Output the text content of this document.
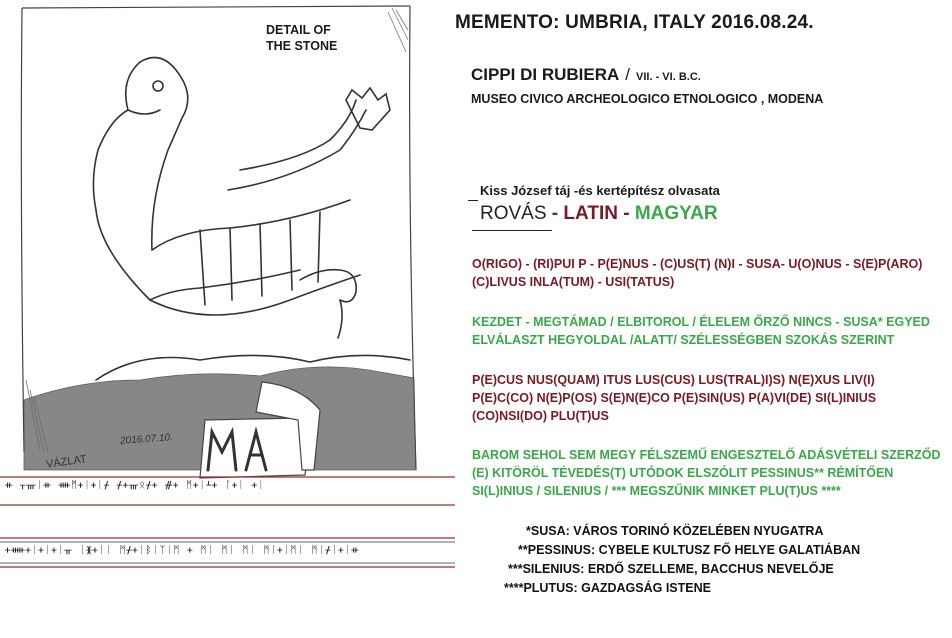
DETAIL OF
THE STONE
2016.07.10.
VÁZLAT
ᚑ ᚁᚃᛁᚑ ᚓᛗᚐᛁᚐᛁᚋ ᚋᚐᚃᛟᚋᚐ ᚌᚐ ᛗᚐᛁᚆᚐ ᛚᚐᛁ ᚐᛁ
ᚐᚔᚐᛁᚐᛁᚐᛁᚂ ᛁᚕᚐᛁᛁ ᛗᚋᚐᛁᛒᛁᛉᛁᛗ ᚐ ᛗᛁ ᛗᛁ ᛗᛁ ᛗᛁᚐᛁᛗᛁ ᛗᛁᚋᛁᚐᛁᚑ
MEMENTO: UMBRIA, ITALY 2016.08.24.
CIPPI DI RUBIERA / VII. - VI. B.C.
MUSEO CIVICO ARCHEOLOGICO ETNOLOGICO , MODENA
Kiss József táj -és kertépítész olvasata
ROVÁS - LATIN - MAGYAR
O(RIGO) - (RI)PUI P - P(E)NUS - (C)US(T) (N)I - SUSA- U(O)NUS - S(E)P(ARO)
(C)LIVUS INLA(TUM) - USI(TATUS)
KEZDET - MEGTÁMAD / ELBITOROL / ÉLELEM ŐRZŐ NINCS - SUSA* EGYED
ELVÁLASZT HEGYOLDAL /ALATT/ SZÉLESSÉGBEN SZOKÁS SZERINT
P(E)CUS NUS(QUAM) ITUS LUS(CUS) LUS(TRAL)I)S) N(E)XUS LIV(I)
P(E)C(CO) N(E)P(OS) S(E)N(E)CO P(E)SIN(US) P(A)VI(DE) SI(L)INIUS
(CO)NSI(DO) PLU(T)US
BAROM SEHOL SEM MEGY FÉLSZEMŰ ENGESZTELŐ ADÁSVÉTELI SZERZŐD
(E) KITÖRÖL TÉVEDÉS(T) UTÓDOK ELSZÓLIT PESSINUS** RÉMÍTŐEN
SI(L)INIUS / SILENIUS / *** MEGSZŰNIK MINKET PLU(T)US ****
*SUSA: VÁROS TORINÓ KÖZELÉBEN NYUGATRA
**PESSINUS: CYBELE KULTUSZ FŐ HELYE GALATIÁBAN
***SILENIUS: ERDŐ SZELLEME, BACCHUS NEVELŐJE
****PLUTUS: GAZDAGSÁG ISTENE
